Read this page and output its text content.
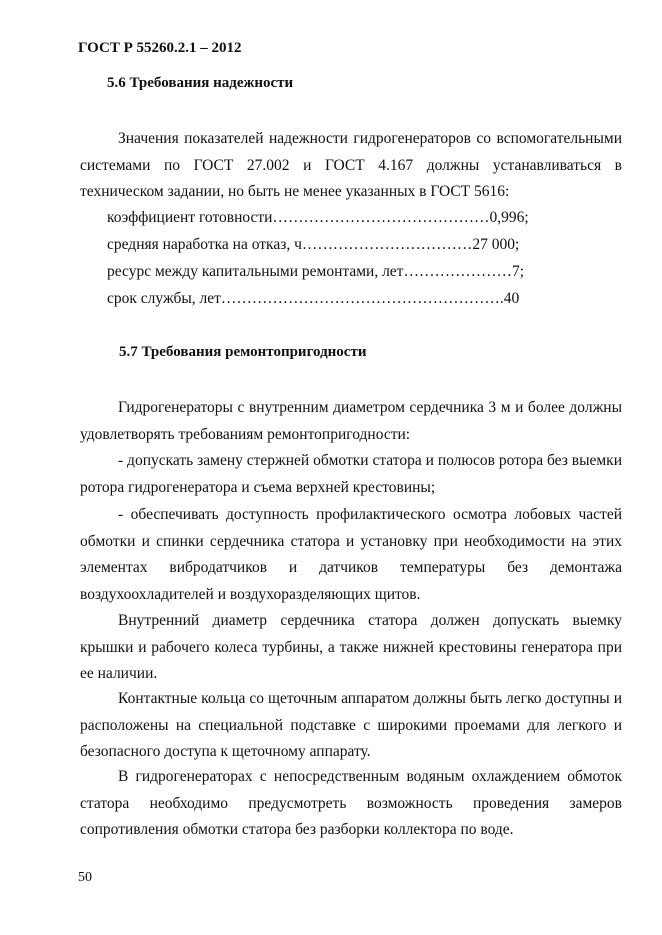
ГОСТ Р 55260.2.1 – 2012
5.6 Требования надежности

Значения показателей надежности гидрогенераторов со вспомогательными системами по ГОСТ 27.002 и ГОСТ 4.167 должны устанавливаться в техническом задании, но быть не менее указанных в ГОСТ 5616:

коэффициент готовности……………………………………0,996;
средняя наработка на отказ, ч……………………………27 000;
ресурс между капитальными ремонтами, лет…………………7;
срок службы, лет……………………………………………….40
5.7 Требования ремонтопригодности

Гидрогенераторы с внутренним диаметром сердечника 3 м и более должны удовлетворять требованиям ремонтопригодности:

- допускать замену стержней обмотки статора и полюсов ротора без выемки ротора гидрогенератора и съема верхней крестовины;

- обеспечивать доступность профилактического осмотра лобовых частей обмотки и спинки сердечника статора и установку при необходимости на этих элементах вибродатчиков и датчиков температуры без демонтажа воздухоохладителей и воздухоразделяющих щитов.

Внутренний диаметр сердечника статора должен допускать выемку крышки и рабочего колеса турбины, а также нижней крестовины генератора при ее наличии.

Контактные кольца со щеточным аппаратом должны быть легко доступны и расположены на специальной подставке с широкими проемами для легкого и безопасного доступа к щеточному аппарату.

В гидрогенераторах с непосредственным водяным охлаждением обмоток статора необходимо предусмотреть возможность проведения замеров сопротивления обмотки статора без разборки коллектора по воде.

50
